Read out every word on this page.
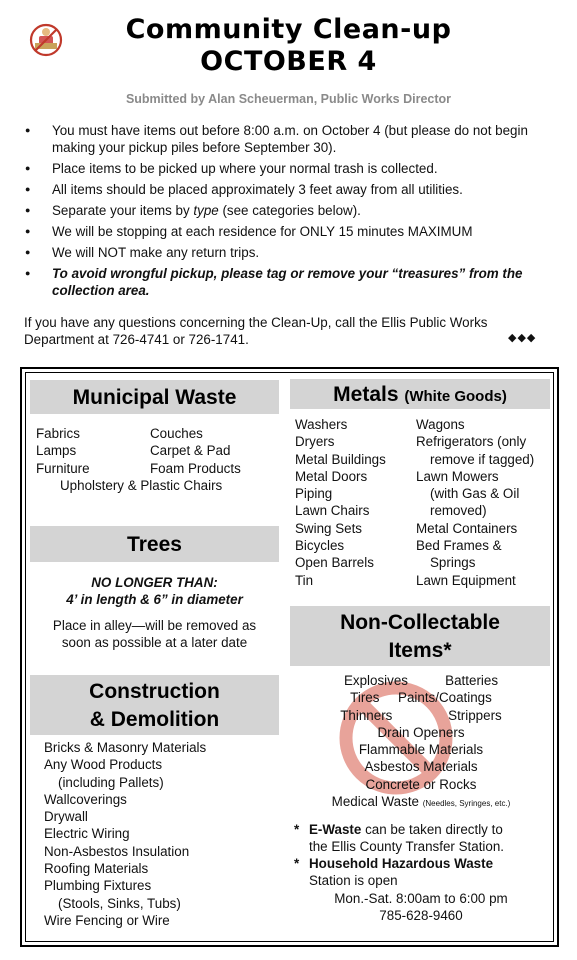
Community Clean-up
OCTOBER 4
Submitted by Alan Scheuerman, Public Works Director
● You must have items out before 8:00 a.m. on October 4 (but please do not begin making your pickup piles before September 30).
● Place items to be picked up where your normal trash is collected.
● All items should be placed approximately 3 feet away from all utilities.
● Separate your items by type (see categories below).
● We will be stopping at each residence for ONLY 15 minutes MAXIMUM
● We will NOT make any return trips.
● To avoid wrongful pickup, please tag or remove your “treasures” from the collection area.
If you have any questions concerning the Clean-Up, call the Ellis Public Works Department at 726-4741 or 726-1741.	◆◆◆
Municipal Waste
Fabrics
Lamps
Furniture
Couches
Carpet & Pad
Foam Products
Upholstery & Plastic Chairs
Trees
NO LONGER THAN:
4’ in length & 6” in diameter
Place in alley—will be removed as
soon as possible at a later date
Construction
& Demolition
Bricks & Masonry Materials
Any Wood Products
(including Pallets)
Wallcoverings
Drywall
Electric Wiring
Non-Asbestos Insulation
Roofing Materials
Plumbing Fixtures
(Stools, Sinks, Tubs)
Wire Fencing or Wire
Metals (White Goods)
Washers
Dryers
Metal Buildings
Metal Doors
Piping
Lawn Chairs
Swing Sets
Bicycles
Open Barrels
Tin
Wagons
Refrigerators (only
remove if tagged)
Lawn Mowers
(with Gas & Oil
removed)
Metal Containers
Bed Frames &
Springs
Lawn Equipment
Non-Collectable
Items*
Explosives          Batteries
Tires     Paints/Coatings
Thinners               Strippers
Drain Openers
Flammable Materials
Asbestos Materials
Concrete or Rocks
Medical Waste (Needles, Syringes, etc.)
* E-Waste can be taken directly to
the Ellis County Transfer Station.
* Household Hazardous Waste
Station is open
Mon.-Sat. 8:00am to 6:00 pm
785-628-9460
